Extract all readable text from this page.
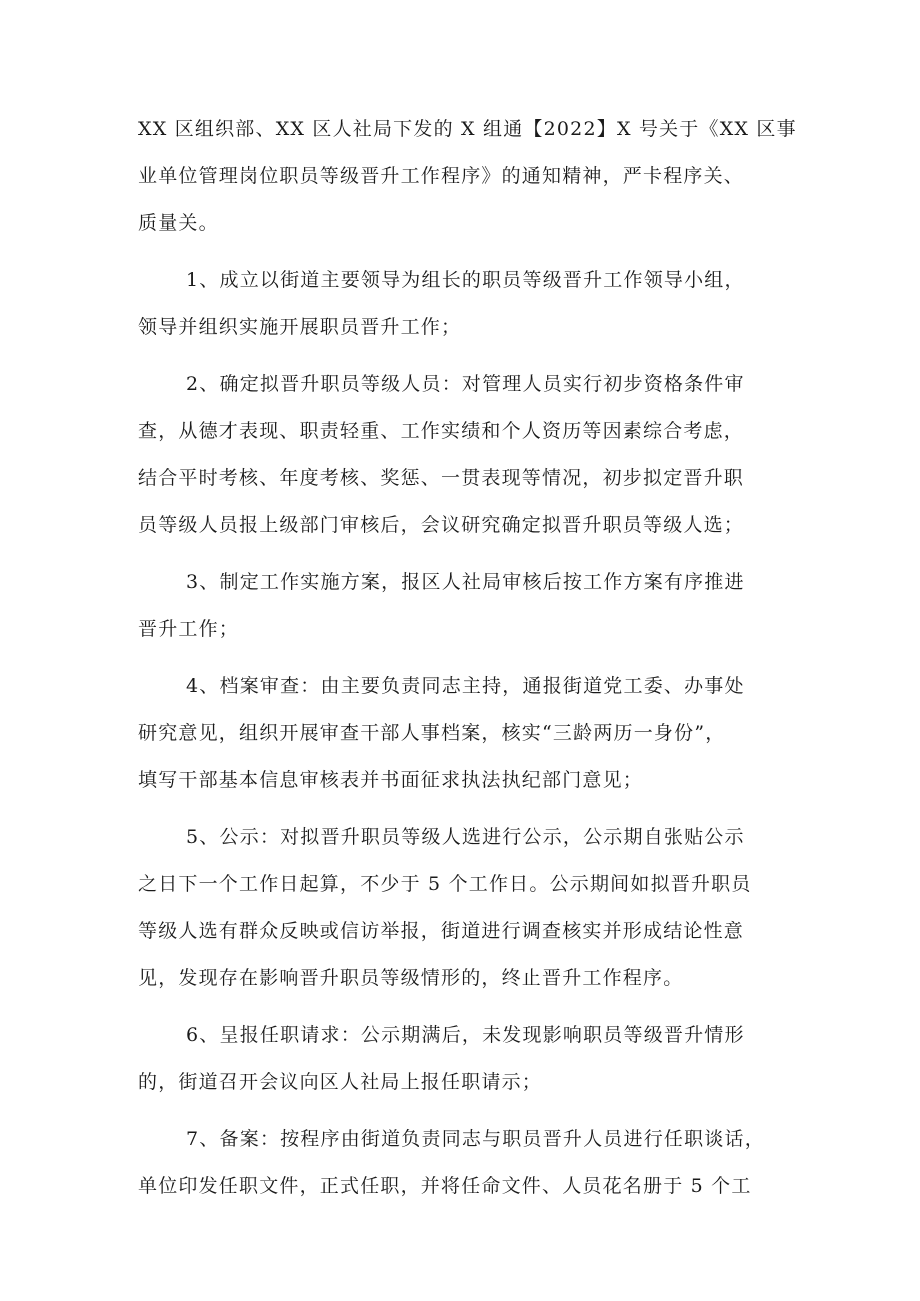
XX 区组织部、XX 区人社局下发的 X 组通【2022】X 号关于《XX 区事
业单位管理岗位职员等级晋升工作程序》的通知精神，严卡程序关、
质量关。
1、成立以街道主要领导为组长的职员等级晋升工作领导小组，
领导并组织实施开展职员晋升工作；
2、确定拟晋升职员等级人员：对管理人员实行初步资格条件审
查，从德才表现、职责轻重、工作实绩和个人资历等因素综合考虑，
结合平时考核、年度考核、奖惩、一贯表现等情况，初步拟定晋升职
员等级人员报上级部门审核后，会议研究确定拟晋升职员等级人选；
3、制定工作实施方案，报区人社局审核后按工作方案有序推进
晋升工作；
4、档案审查：由主要负责同志主持，通报街道党工委、办事处
研究意见，组织开展审查干部人事档案，核实“三龄两历一身份”，
填写干部基本信息审核表并书面征求执法执纪部门意见；
5、公示：对拟晋升职员等级人选进行公示，公示期自张贴公示
之日下一个工作日起算，不少于 5 个工作日。公示期间如拟晋升职员
等级人选有群众反映或信访举报，街道进行调查核实并形成结论性意
见，发现存在影响晋升职员等级情形的，终止晋升工作程序。
6、呈报任职请求：公示期满后，未发现影响职员等级晋升情形
的，街道召开会议向区人社局上报任职请示；
7、备案：按程序由街道负责同志与职员晋升人员进行任职谈话，
单位印发任职文件，正式任职，并将任命文件、人员花名册于 5 个工
